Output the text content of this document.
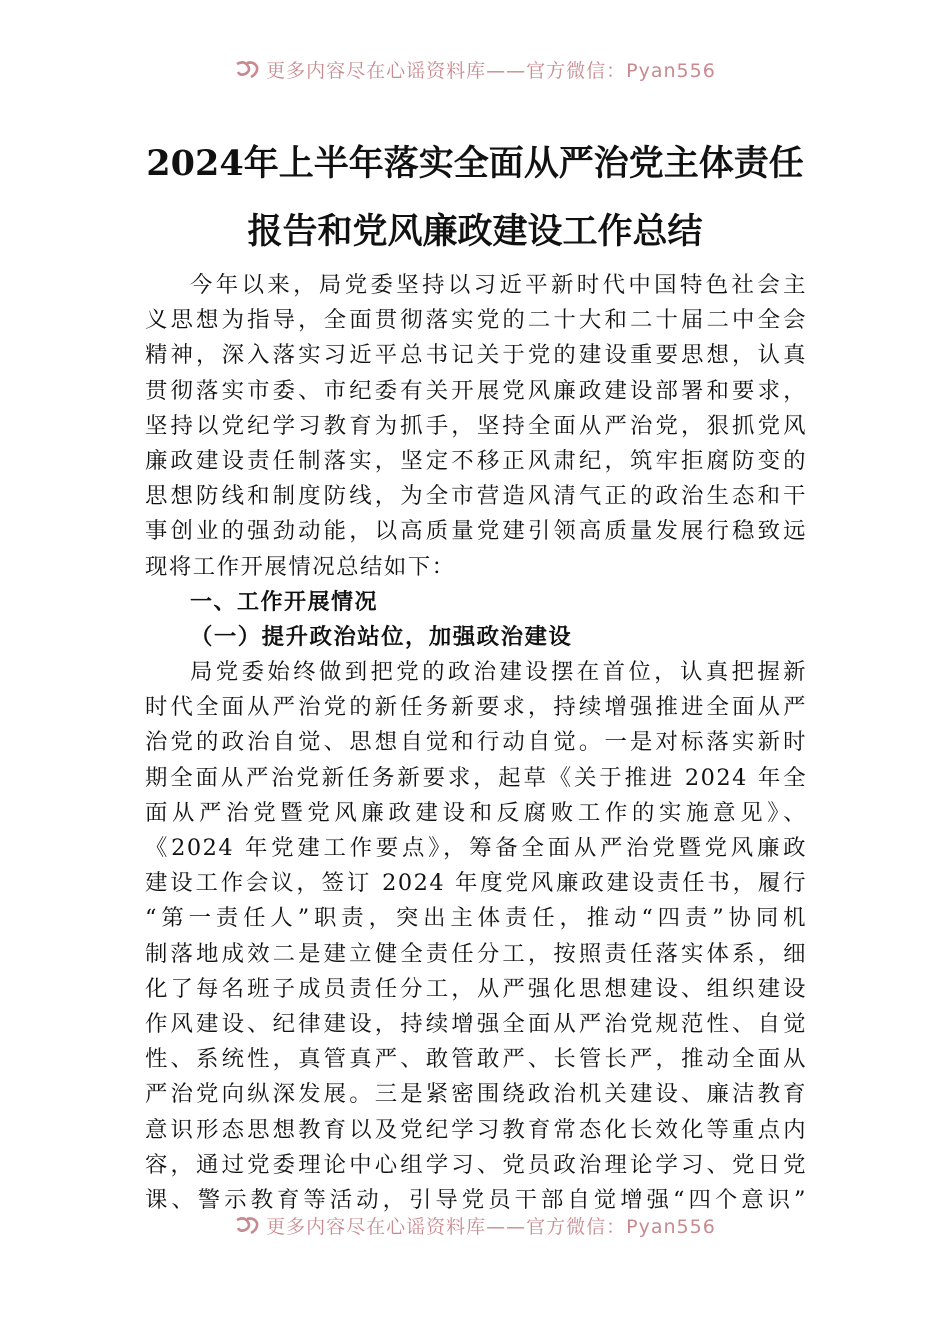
更多内容尽在心谣资料库——官方微信：Pyan556
2024年上半年落实全面从严治党主体责任
报告和党风廉政建设工作总结
今年以来，局党委坚持以习近平新时代中国特色社会主
义思想为指导，全面贯彻落实党的二十大和二十届二中全会
精神，深入落实习近平总书记关于党的建设重要思想，认真
贯彻落实市委、市纪委有关开展党风廉政建设部署和要求，
坚持以党纪学习教育为抓手，坚持全面从严治党，狠抓党风
廉政建设责任制落实，坚定不移正风肃纪，筑牢拒腐防变的
思想防线和制度防线，为全市营造风清气正的政治生态和干
事创业的强劲动能，以高质量党建引领高质量发展行稳致远
现将工作开展情况总结如下：
一、工作开展情况
（一）提升政治站位，加强政治建设
局党委始终做到把党的政治建设摆在首位，认真把握新
时代全面从严治党的新任务新要求，持续增强推进全面从严
治党的政治自觉、思想自觉和行动自觉。一是对标落实新时
期全面从严治党新任务新要求，起草《关于推进 2024 年全
面从严治党暨党风廉政建设和反腐败工作的实施意见》、
《2024 年党建工作要点》，筹备全面从严治党暨党风廉政
建设工作会议，签订 2024 年度党风廉政建设责任书，履行
“第一责任人”职责，突出主体责任，推动“四责”协同机
制落地成效二是建立健全责任分工，按照责任落实体系，细
化了每名班子成员责任分工，从严强化思想建设、组织建设
作风建设、纪律建设，持续增强全面从严治党规范性、自觉
性、系统性，真管真严、敢管敢严、长管长严，推动全面从
严治党向纵深发展。三是紧密围绕政治机关建设、廉洁教育
意识形态思想教育以及党纪学习教育常态化长效化等重点内
容，通过党委理论中心组学习、党员政治理论学习、党日党
课、警示教育等活动，引导党员干部自觉增强“四个意识”
更多内容尽在心谣资料库——官方微信：Pyan556
